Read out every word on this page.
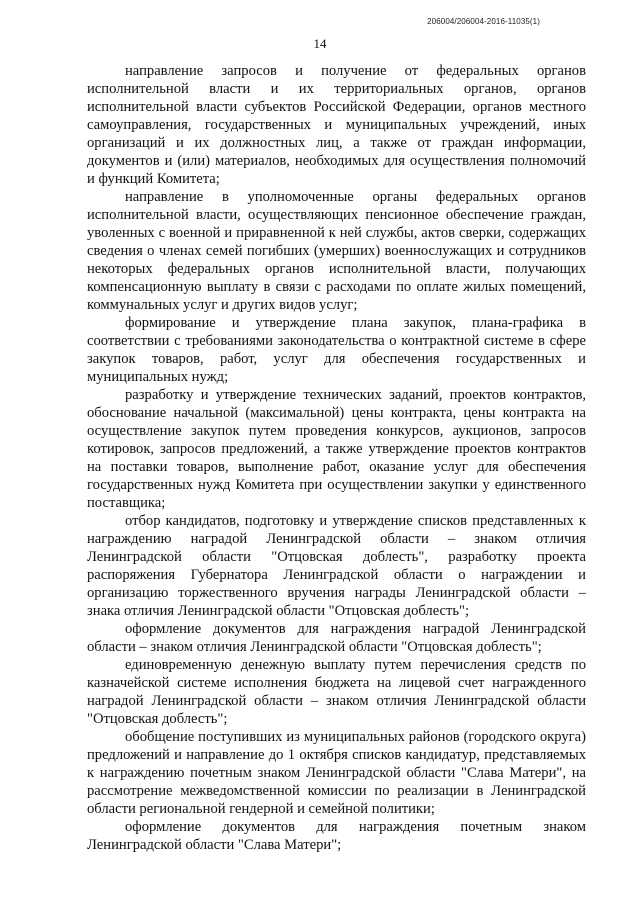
206004/206004-2016-11035(1)
14

направление запросов и получение от федеральных органов исполнительной власти и их территориальных органов, органов исполнительной власти субъектов Российской Федерации, органов местного самоуправления, государственных и муниципальных учреждений, иных организаций и их должностных лиц, а также от граждан информации, документов и (или) материалов, необходимых для осуществления полномочий и функций Комитета;

направление в уполномоченные органы федеральных органов исполнительной власти, осуществляющих пенсионное обеспечение граждан, уволенных с военной и приравненной к ней службы, актов сверки, содержащих сведения о членах семей погибших (умерших) военнослужащих и сотрудников некоторых федеральных органов исполнительной власти, получающих компенсационную выплату в связи с расходами по оплате жилых помещений, коммунальных услуг и других видов услуг;

формирование и утверждение плана закупок, плана-графика в соответствии с требованиями законодательства о контрактной системе в сфере закупок товаров, работ, услуг для обеспечения государственных и муниципальных нужд;

разработку и утверждение технических заданий, проектов контрактов, обоснование начальной (максимальной) цены контракта, цены контракта на осуществление закупок путем проведения конкурсов, аукционов, запросов котировок, запросов предложений, а также утверждение проектов контрактов на поставки товаров, выполнение работ, оказание услуг для обеспечения государственных нужд Комитета при осуществлении закупки у единственного поставщика;

отбор кандидатов, подготовку и утверждение списков представленных к награждению наградой Ленинградской области – знаком отличия Ленинградской области "Отцовская доблесть", разработку проекта распоряжения Губернатора Ленинградской области о награждении и организацию торжественного вручения награды Ленинградской области – знака отличия Ленинградской области "Отцовская доблесть";

оформление документов для награждения наградой Ленинградской области – знаком отличия Ленинградской области "Отцовская доблесть";

единовременную денежную выплату путем перечисления средств по казначейской системе исполнения бюджета на лицевой счет награжденного наградой Ленинградской области – знаком отличия Ленинградской области "Отцовская доблесть";

обобщение поступивших из муниципальных районов (городского округа) предложений и направление до 1 октября списков кандидатур, представляемых к награждению почетным знаком Ленинградской области "Слава Матери", на рассмотрение межведомственной комиссии по реализации в Ленинградской области региональной гендерной и семейной политики;

оформление документов для награждения почетным знаком Ленинградской области "Слава Матери";
